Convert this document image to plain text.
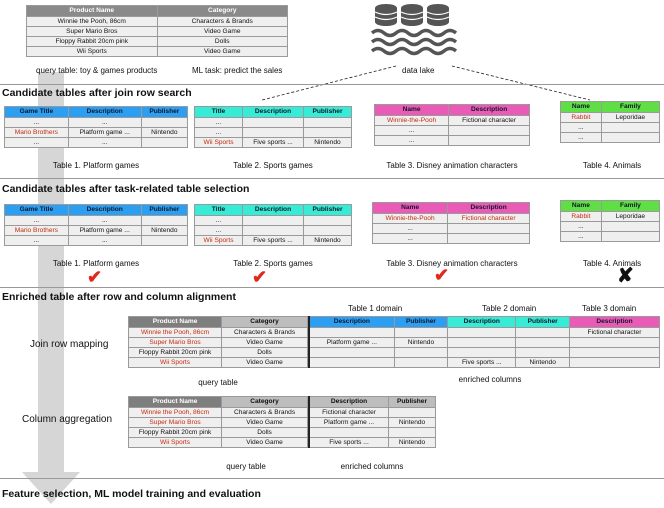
Product Name	Category
Winnie the Pooh, 86cm	Characters & Brands
Super Mario Bros	Video Game
Floppy Rabbit 20cm pink	Dolls
Wii Sports	Video Game
query table: toy & games products	ML task: predict the sales	data lake
Candidate tables after join row search
Game Title	Description	Publisher
...	...	
Mario Brothers	Platform game ...	Nintendo
...	...	
Table 1. Platform games
Title	Description	Publisher
...		
...		
Wii Sports	Five sports ...	Nintendo
Table 2. Sports games
Name	Description
Winnie-the-Pooh	Fictional character
...	
...	
Table 3. Disney animation characters
Name	Family
Rabbit	Leporidae
...	
...	
Table 4. Animals
Candidate tables after task-related table selection
Game Title	Description	Publisher
...	...	
Mario Brothers	Platform game ...	Nintendo
...	...	
Table 1. Platform games
✔
Title	Description	Publisher
...		
...		
Wii Sports	Five sports ...	Nintendo
Table 2. Sports games
✔
Name	Description
Winnie-the-Pooh	Fictional character
...	
...	
Table 3. Disney animation characters
✔
Name	Family
Rabbit	Leporidae
...	
...	
Table 4. Animals
✘
Enriched table after row and column alignment
Table 1 domain	Table 2 domain	Table 3 domain
Join row mapping
Product Name	Category
Winnie the Pooh, 86cm	Characters & Brands
Super Mario Bros	Video Game
Floppy Rabbit 20cm pink	Dolls
Wii Sports	Video Game
query table
Description	Publisher	Description	Publisher	Description
				Fictional character
Platform game ...	Nintendo			

		Five sports ...	Nintendo	
enriched columns
Column aggregation
Product Name	Category
Winnie the Pooh, 86cm	Characters & Brands
Super Mario Bros	Video Game
Floppy Rabbit 20cm pink	Dolls
Wii Sports	Video Game
query table
Description	Publisher
Fictional character	
Platform game ...	Nintendo

Five sports ...	Nintendo
enriched columns
Feature selection, ML model training and evaluation
